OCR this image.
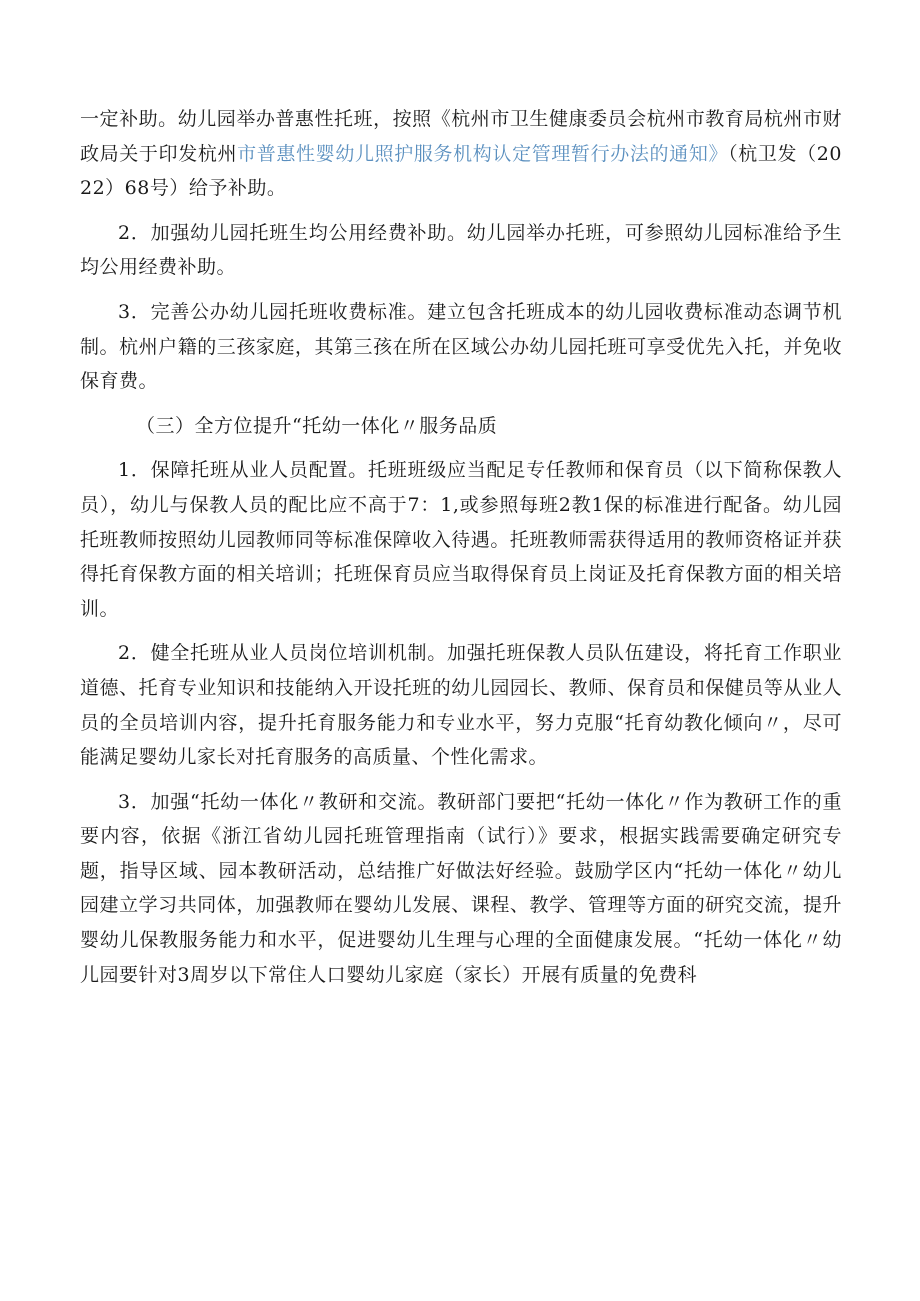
一定补助。幼儿园举办普惠性托班，按照《杭州市卫生健康委员会杭州市教育局杭州市财政局关于印发杭州市普惠性婴幼儿照护服务机构认定管理暂行办法的通知》（杭卫发（2022）68号）给予补助。

2．加强幼儿园托班生均公用经费补助。幼儿园举办托班，可参照幼儿园标准给予生均公用经费补助。

3．完善公办幼儿园托班收费标准。建立包含托班成本的幼儿园收费标准动态调节机制。杭州户籍的三孩家庭，其第三孩在所在区域公办幼儿园托班可享受优先入托，并免收保育费。

（三）全方位提升“托幼一体化〃服务品质

1．保障托班从业人员配置。托班班级应当配足专任教师和保育员（以下简称保教人员），幼儿与保教人员的配比应不高于7：1,或参照每班2教1保的标准进行配备。幼儿园托班教师按照幼儿园教师同等标准保障收入待遇。托班教师需获得适用的教师资格证并获得托育保教方面的相关培训；托班保育员应当取得保育员上岗证及托育保教方面的相关培训。

2．健全托班从业人员岗位培训机制。加强托班保教人员队伍建设，将托育工作职业道德、托育专业知识和技能纳入开设托班的幼儿园园长、教师、保育员和保健员等从业人员的全员培训内容，提升托育服务能力和专业水平，努力克服“托育幼教化倾向〃，尽可能满足婴幼儿家长对托育服务的高质量、个性化需求。

3．加强“托幼一体化〃教研和交流。教研部门要把“托幼一体化〃作为教研工作的重要内容，依据《浙江省幼儿园托班管理指南（试行）》要求，根据实践需要确定研究专题，指导区域、园本教研活动，总结推广好做法好经验。鼓励学区内“托幼一体化〃幼儿园建立学习共同体，加强教师在婴幼儿发展、课程、教学、管理等方面的研究交流，提升婴幼儿保教服务能力和水平，促进婴幼儿生理与心理的全面健康发展。“托幼一体化〃幼儿园要针对3周岁以下常住人口婴幼儿家庭（家长）开展有质量的免费科
